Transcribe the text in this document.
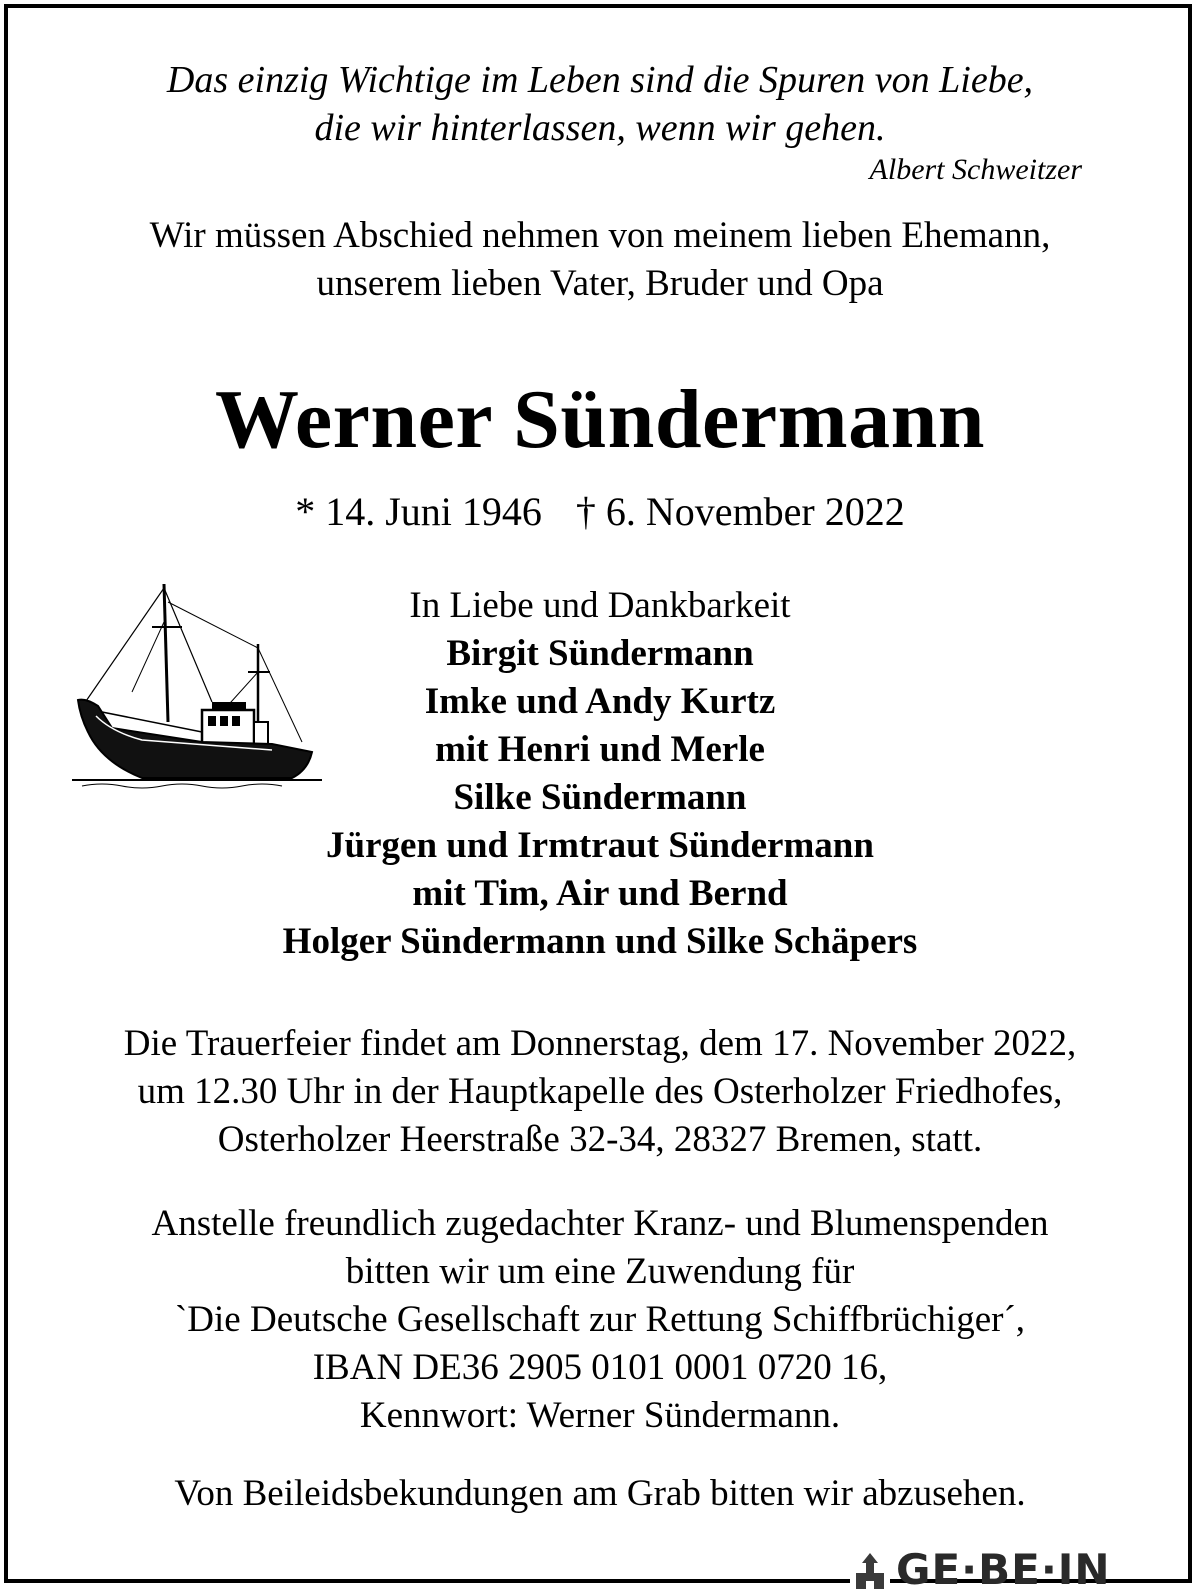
Das einzig Wichtige im Leben sind die Spuren von Liebe,
die wir hinterlassen, wenn wir gehen.
Albert Schweitzer
Wir müssen Abschied nehmen von meinem lieben Ehemann,
unserem lieben Vater, Bruder und Opa
Werner Sündermann
* 14. Juni 1946 † 6. November 2022
In Liebe und Dankbarkeit
Birgit Sündermann
Imke und Andy Kurtz
mit Henri und Merle
Silke Sündermann
Jürgen und Irmtraut Sündermann
mit Tim, Air und Bernd
Holger Sündermann und Silke Schäpers
Die Trauerfeier findet am Donnerstag, dem 17. November 2022,
um 12.30 Uhr in der Hauptkapelle des Osterholzer Friedhofes,
Osterholzer Heerstraße 32-34, 28327 Bremen, statt.
Anstelle freundlich zugedachter Kranz- und Blumenspenden
bitten wir um eine Zuwendung für
`Die Deutsche Gesellschaft zur Rettung Schiffbrüchiger´,
IBAN DE36 2905 0101 0001 0720 16,
Kennwort: Werner Sündermann.
Von Beileidsbekundungen am Grab bitten wir abzusehen.
GE·BE·IN
